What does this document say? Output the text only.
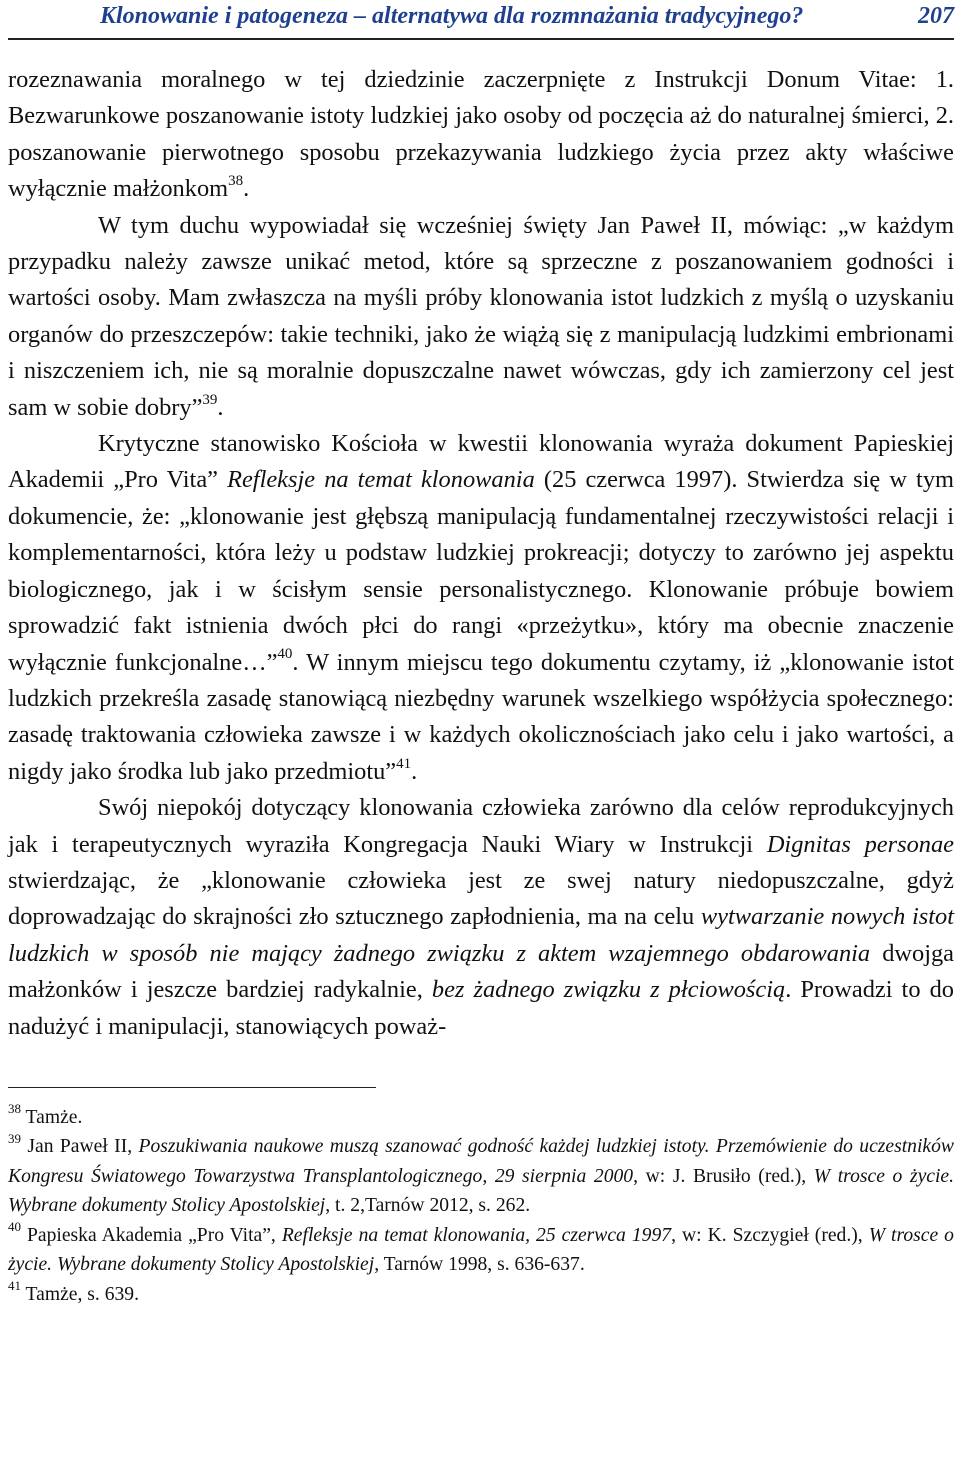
Klonowanie i patogeneza – alternatywa dla rozmnażania tradycyjnego?	207

rozeznawania moralnego w tej dziedzinie zaczerpnięte z Instrukcji Donum Vitae: 1. Bezwarunkowe poszanowanie istoty ludzkiej jako osoby od poczęcia aż do naturalnej śmierci, 2. poszanowanie pierwotnego sposobu przekazywania ludzkiego życia przez akty właściwe wyłącznie małżonkom$^{38}$.

W tym duchu wypowiadał się wcześniej święty Jan Paweł II, mówiąc: „w każdym przypadku należy zawsze unikać metod, które są sprzeczne z poszanowaniem godności i wartości osoby. Mam zwłaszcza na myśli próby klonowania istot ludzkich z myślą o uzyskaniu organów do przeszczepów: takie techniki, jako że wiążą się z manipulacją ludzkimi embrionami i niszczeniem ich, nie są moralnie dopuszczalne nawet wówczas, gdy ich zamierzony cel jest sam w sobie dobry”$^{39}$.

Krytyczne stanowisko Kościoła w kwestii klonowania wyraża dokument Papieskiej Akademii „Pro Vita” Refleksje na temat klonowania (25 czerwca 1997). Stwierdza się w tym dokumencie, że: „klonowanie jest głębszą manipulacją fundamentalnej rzeczywistości relacji i komplementarności, która leży u podstaw ludzkiej prokreacji; dotyczy to zarówno jej aspektu biologicznego, jak i w ścisłym sensie personalistycznego. Klonowanie próbuje bowiem sprowadzić fakt istnienia dwóch płci do rangi «przeżytku», który ma obecnie znaczenie wyłącznie funkcjonalne…”$^{40}$. W innym miejscu tego dokumentu czytamy, iż „klonowanie istot ludzkich przekreśla zasadę stanowiącą niezbędny warunek wszelkiego współżycia społecznego: zasadę traktowania człowieka zawsze i w każdych okolicznościach jako celu i jako wartości, a nigdy jako środka lub jako przedmiotu”$^{41}$.

Swój niepokój dotyczący klonowania człowieka zarówno dla celów reprodukcyjnych jak i terapeutycznych wyraziła Kongregacja Nauki Wiary w Instrukcji Dignitas personae stwierdzając, że „klonowanie człowieka jest ze swej natury niedopuszczalne, gdyż doprowadzając do skrajności zło sztucznego zapłodnienia, ma na celu wytwarzanie nowych istot ludzkich w sposób nie mający żadnego związku z aktem wzajemnego obdarowania dwojga małżonków i jeszcze bardziej radykalnie, bez żadnego związku z płciowością. Prowadzi to do nadużyć i manipulacji, stanowiących poważ-

$^{38}$ Tamże.

$^{39}$ Jan Paweł II, Poszukiwania naukowe muszą szanować godność każdej ludzkiej istoty. Przemówienie do uczestników Kongresu Światowego Towarzystwa Transplantologicznego, 29 sierpnia 2000, w: J. Brusiło (red.), W trosce o życie. Wybrane dokumenty Stolicy Apostolskiej, t. 2,Tarnów 2012, s. 262.

$^{40}$ Papieska Akademia „Pro Vita”, Refleksje na temat klonowania, 25 czerwca 1997, w: K. Szczygieł (red.), W trosce o życie. Wybrane dokumenty Stolicy Apostolskiej, Tarnów 1998, s. 636-637.

$^{41}$ Tamże, s. 639.
